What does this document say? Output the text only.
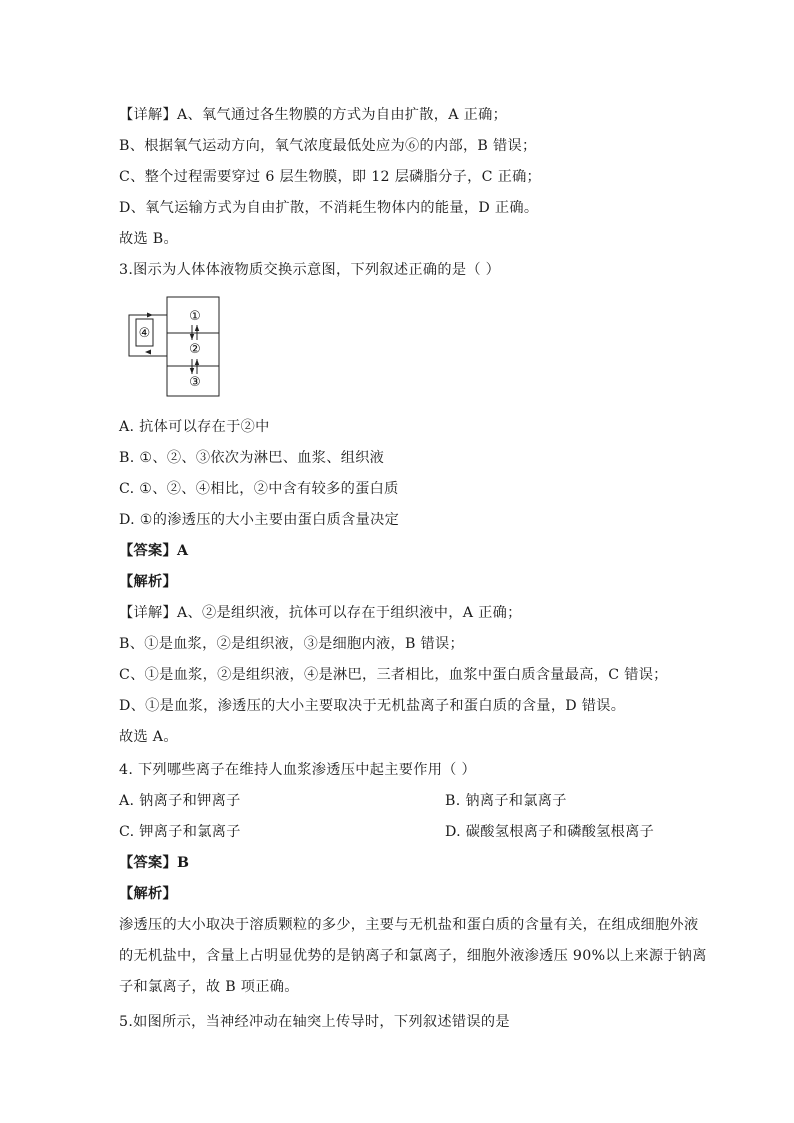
【详解】A、氧气通过各生物膜的方式为自由扩散，A 正确；
B、根据氧气运动方向，氧气浓度最低处应为⑥的内部，B 错误；
C、整个过程需要穿过 6 层生物膜，即 12 层磷脂分子，C 正确；
D、氧气运输方式为自由扩散，不消耗生物体内的能量，D 正确。
故选 B。
3.图示为人体体液物质交换示意图，下列叙述正确的是（ ）
①
②
③
④
A. 抗体可以存在于②中
B. ①、②、③依次为淋巴、血浆、组织液
C. ①、②、④相比，②中含有较多的蛋白质
D. ①的渗透压的大小主要由蛋白质含量决定
【答案】A
【解析】
【详解】A、②是组织液，抗体可以存在于组织液中，A 正确；
B、①是血浆，②是组织液，③是细胞内液，B 错误；
C、①是血浆，②是组织液，④是淋巴，三者相比，血浆中蛋白质含量最高，C 错误；
D、①是血浆，渗透压的大小主要取决于无机盐离子和蛋白质的含量，D 错误。
故选 A。
4. 下列哪些离子在维持人血浆渗透压中起主要作用（ ）
A. 钠离子和钾离子	B. 钠离子和氯离子
C. 钾离子和氯离子	D. 碳酸氢根离子和磷酸氢根离子
【答案】B
【解析】
渗透压的大小取决于溶质颗粒的多少，主要与无机盐和蛋白质的含量有关，在组成细胞外液
的无机盐中，含量上占明显优势的是钠离子和氯离子，细胞外液渗透压 90%以上来源于钠离
子和氯离子，故 B 项正确。
5.如图所示，当神经冲动在轴突上传导时，下列叙述错误的是
